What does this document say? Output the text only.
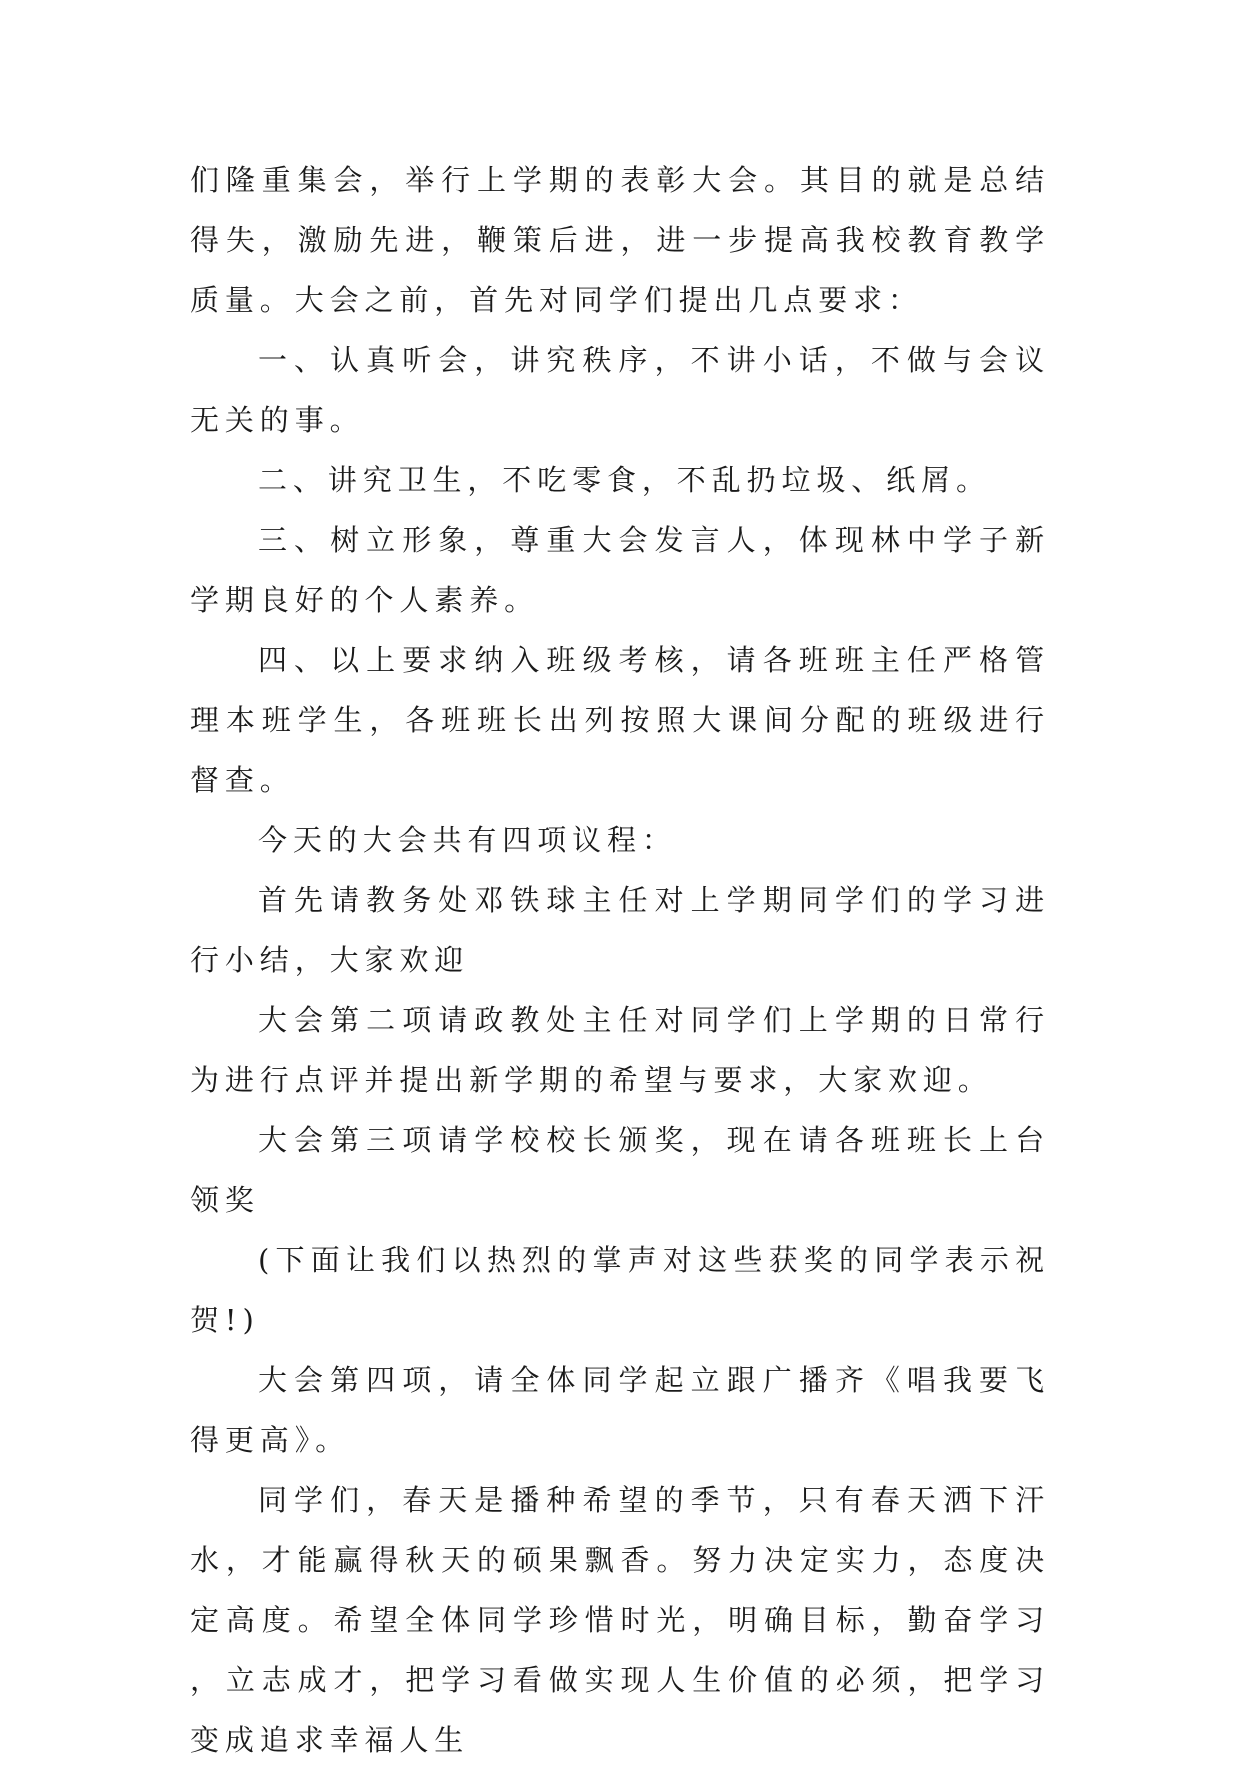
们隆重集会，举行上学期的表彰大会。其目的就是总结得失，激励先进，鞭策后进，进一步提高我校教育教学质量。大会之前，首先对同学们提出几点要求：

一、认真听会，讲究秩序，不讲小话，不做与会议无关的事。

二、讲究卫生，不吃零食，不乱扔垃圾、纸屑。

三、树立形象，尊重大会发言人，体现林中学子新学期良好的个人素养。

四、以上要求纳入班级考核，请各班班主任严格管理本班学生，各班班长出列按照大课间分配的班级进行督查。

今天的大会共有四项议程：

首先请教务处邓铁球主任对上学期同学们的学习进行小结，大家欢迎

大会第二项请政教处主任对同学们上学期的日常行为进行点评并提出新学期的希望与要求，大家欢迎。

大会第三项请学校校长颁奖，现在请各班班长上台领奖

(下面让我们以热烈的掌声对这些获奖的同学表示祝贺!)

大会第四项，请全体同学起立跟广播齐《唱我要飞得更高》。

同学们，春天是播种希望的季节，只有春天洒下汗水，才能赢得秋天的硕果飘香。努力决定实力，态度决定高度。希望全体同学珍惜时光，明确目标，勤奋学习，立志成才，把学习看做实现人生价值的必须，把学习变成追求幸福人生
